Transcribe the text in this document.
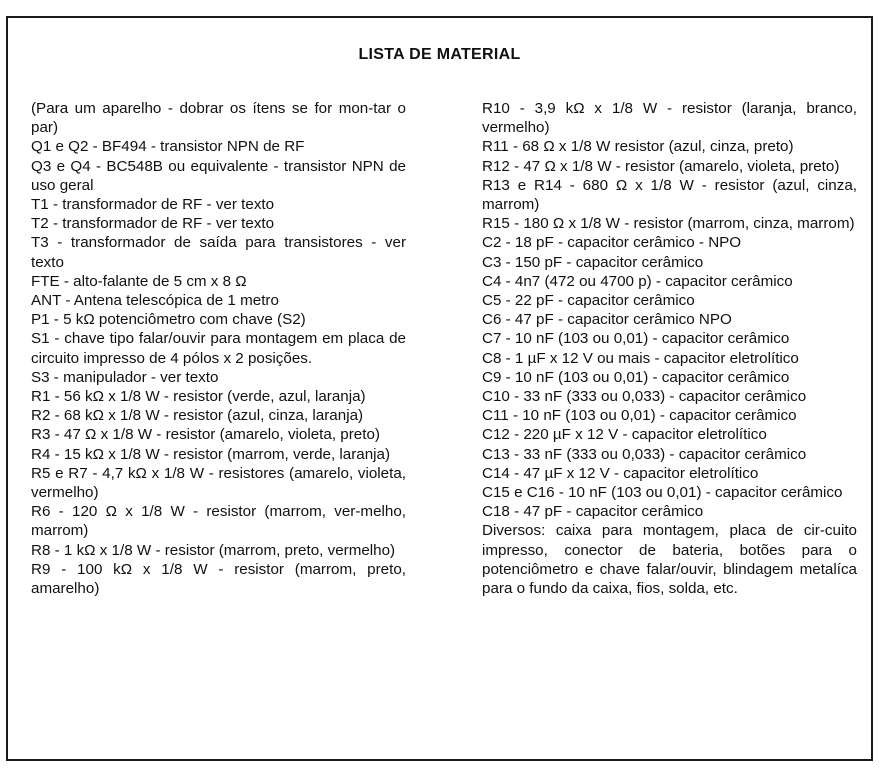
LISTA DE MATERIAL

(Para um aparelho - dobrar os ítens se for mon-tar o par)

Q1 e Q2 - BF494 - transistor NPN de RF

Q3 e Q4 - BC548B ou equivalente - transistor NPN de uso geral

T1 - transformador de RF - ver texto

T2 - transformador de RF - ver texto

T3 - transformador de saída para transistores - ver texto

FTE - alto-falante de 5 cm x 8 Ω

ANT - Antena telescópica de 1 metro

P1 - 5 kΩ potenciômetro com chave (S2)

S1 - chave tipo falar/ouvir para montagem em placa de circuito impresso de 4 pólos x 2 posições.

S3 - manipulador - ver texto

R1 - 56 kΩ x 1/8 W - resistor (verde, azul, laranja)

R2 - 68 kΩ x 1/8 W - resistor (azul, cinza, laranja)

R3 - 47 Ω x 1/8 W - resistor (amarelo, violeta, preto)

R4 - 15 kΩ x 1/8 W - resistor (marrom, verde, laranja)

R5 e R7 - 4,7 kΩ x 1/8 W - resistores (amarelo, violeta, vermelho)

R6 - 120 Ω x 1/8 W - resistor (marrom, ver-melho, marrom)

R8 - 1 kΩ x 1/8 W - resistor (marrom, preto, vermelho)

R9 - 100 kΩ x 1/8 W - resistor (marrom, preto, amarelho)

R10 - 3,9 kΩ x 1/8 W - resistor (laranja, branco, vermelho)

R11 - 68 Ω x 1/8 W resistor (azul, cinza, preto)

R12 - 47 Ω x 1/8 W - resistor (amarelo, violeta, preto)

R13 e R14 - 680 Ω x 1/8 W - resistor (azul, cinza, marrom)

R15 - 180 Ω x 1/8 W - resistor (marrom, cinza, marrom)

C2 - 18 pF - capacitor cerâmico - NPO

C3 - 150 pF - capacitor cerâmico

C4 - 4n7 (472 ou 4700 p) - capacitor cerâmico

C5 - 22 pF - capacitor cerâmico

C6 - 47 pF - capacitor cerâmico NPO

C7 - 10 nF (103 ou 0,01) - capacitor cerâmico

C8 - 1 µF x 12 V ou mais - capacitor eletrolítico

C9 - 10 nF (103 ou 0,01) - capacitor cerâmico

C10 - 33 nF (333 ou 0,033) - capacitor cerâmico

C11 - 10 nF (103 ou 0,01) - capacitor cerâmico

C12 - 220 µF x 12 V - capacitor eletrolítico

C13 - 33 nF (333 ou 0,033) - capacitor cerâmico

C14 - 47 µF x 12 V - capacitor eletrolítico

C15 e C16 - 10 nF (103 ou 0,01) - capacitor cerâmico

C18 - 47 pF - capacitor cerâmico

Diversos: caixa para montagem, placa de cir-cuito impresso, conector de bateria, botões para o potenciômetro e chave falar/ouvir, blindagem metalíca para o fundo da caixa, fios, solda, etc.
